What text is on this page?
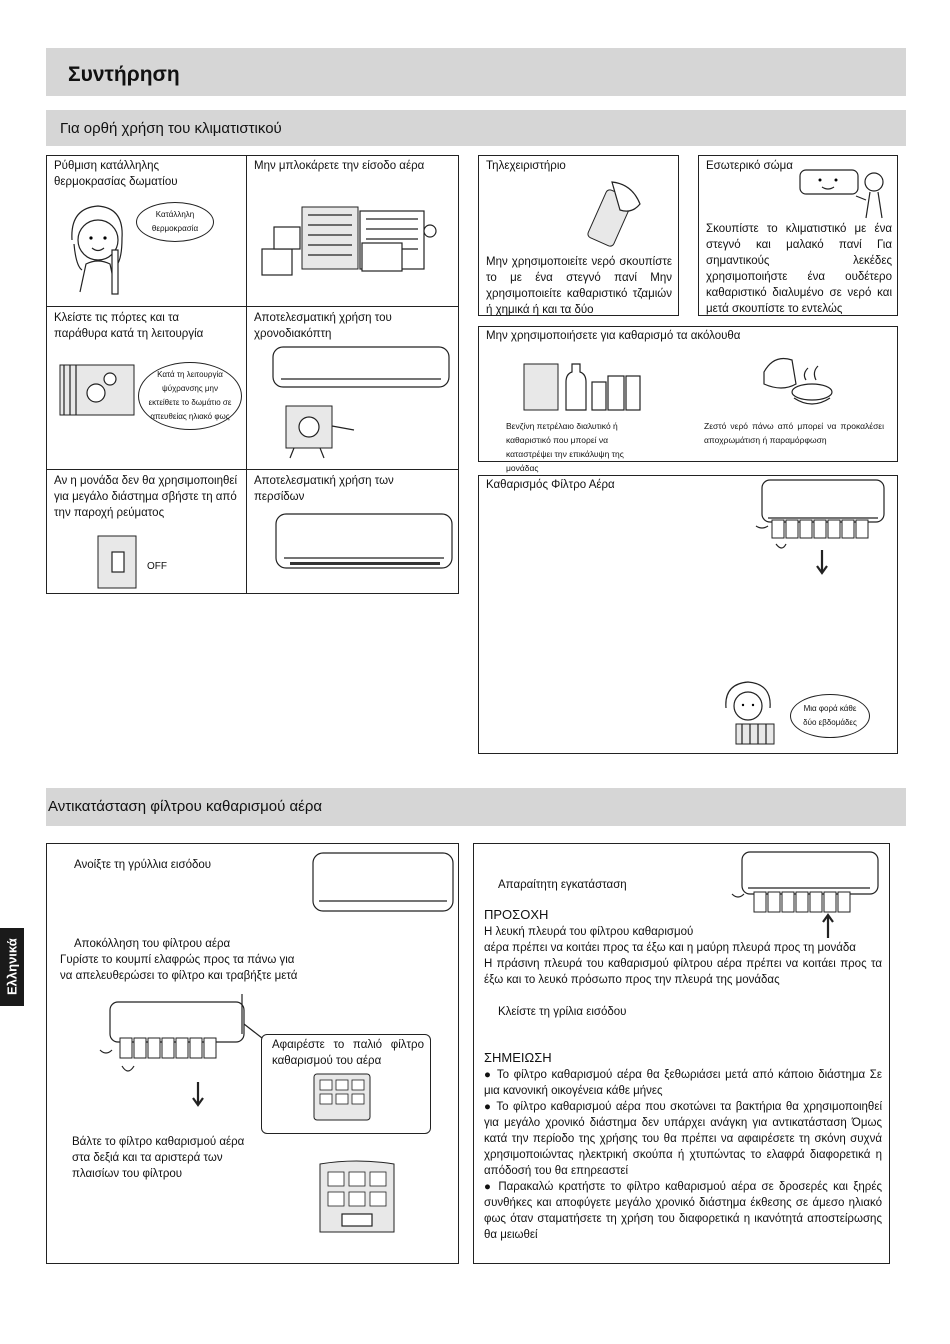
Συντήρηση
Για ορθή χρήση του κλιματιστικού
Αντικατάσταση φίλτρου καθαρισμού αέρα
Ελληνικά
Ρύθμιση κατάλληλης θερμοκρασίας δωματίου
Μην μπλοκάρετε την είσοδο αέρα
Κλείστε τις πόρτες και τα παράθυρα κατά τη λειτουργία
Αποτελεσματική χρήση του χρονοδιακόπτη
Αν η μονάδα δεν θα χρησιμοποιηθεί για μεγάλο διάστημα σβήστε τη από την παροχή ρεύματος
Αποτελεσματική χρήση των περσίδων
Κατάλληλη
θερμοκρασία
Κατά τη λειτουργία
ψύχρανσης μην
εκτείθετε το δωμάτιο σε
απευθείας ηλιακό φως
OFF
Τηλεχειριστήριο
Μην χρησιμοποιείτε νερό σκουπίστε το με ένα στεγνό πανί Μην χρησιμοποιείτε καθαριστικό τζαμιών ή χημικά ή και τα δύο
Εσωτερικό σώμα
Σκουπίστε το κλιματιστικό με ένα στεγνό και μαλακό πανί Για σημαντικούς λεκέδες χρησιμοποιήστε ένα ουδέτερο καθαριστικό διαλυμένο σε νερό και μετά σκουπίστε το εντελώς
Μην χρησιμοποιήσετε για καθαρισμό τα ακόλουθα
Βενζίνη πετρέλαιο διαλυτικό ή καθαριστικό που μπορεί να καταστρέψει την επικάλυψη της μονάδας
Ζεστό νερό πάνω από μπορεί να προκαλέσει αποχρωμάτιση ή παραμόρφωση
Καθαρισμός Φίλτρο Αέρα
Μια φορά κάθε
δύο εβδομάδες
Ανοίξτε τη γρύλλια εισόδου
Αποκόλληση του φίλτρου αέρα
Γυρίστε το κουμπί ελαφρώς προς τα πάνω για να απελευθερώσει το φίλτρο και τραβήξτε μετά
Αφαιρέστε το παλιό φίλτρο καθαρισμού του αέρα
Βάλτε το φίλτρο καθαρισμού αέρα στα δεξιά και τα αριστερά των πλαισίων του φίλτρου
Απαραίτητη εγκατάσταση
ΠΡΟΣΟΧΗ
Η λευκή πλευρά του φίλτρου καθαρισμού
αέρα πρέπει να κοιτάει προς τα έξω και η μαύρη πλευρά προς τη μονάδα
Η πράσινη πλευρά του καθαρισμού φίλτρου αέρα πρέπει να κοιτάει προς τα έξω και το λευκό πρόσωπο προς την πλευρά της μονάδας
Κλείστε τη γρίλια εισόδου
ΣΗΜΕΙΩΣΗ
● Το φίλτρο καθαρισμού αέρα θα ξεθωριάσει μετά από κάποιο διάστημα Σε μια κανονική οικογένεια κάθε μήνες
● Το φίλτρο καθαρισμού αέρα που σκοτώνει τα βακτήρια θα χρησιμοποιηθεί για μεγάλο χρονικό διάστημα δεν υπάρχει ανάγκη για αντικατάσταση Όμως κατά την περίοδο της χρήσης του θα πρέπει να αφαιρέσετε τη σκόνη συχνά χρησιμοποιώντας ηλεκτρική σκούπα ή χτυπώντας το ελαφρά διαφορετικά η απόδοσή του θα επηρεαστεί
● Παρακαλώ κρατήστε το φίλτρο καθαρισμού αέρα σε δροσερές και ξηρές συνθήκες και αποφύγετε μεγάλο χρονικό διάστημα έκθεσης σε άμεσο ηλιακό φως όταν σταματήσετε τη χρήση του διαφορετικά η ικανότητά αποστείρωσης θα μειωθεί
